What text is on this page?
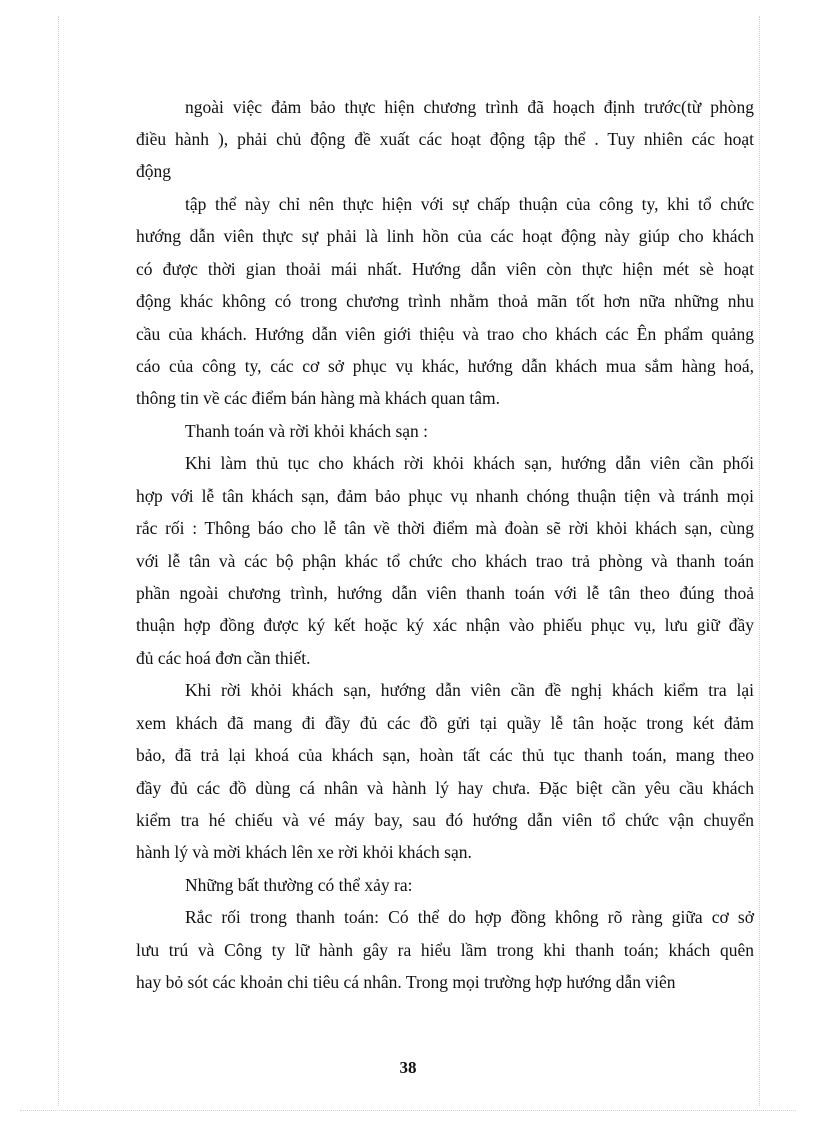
ngoài việc đảm bảo thực hiện chương trình đã hoạch định trước(từ phòng
điều hành ), phải chủ động đề xuất các hoạt động tập thể . Tuy nhiên các hoạt
động
tập thể này chỉ nên thực hiện với sự chấp thuận của công ty, khi tổ chức
hướng dẫn viên thực sự phải là linh hồn của các hoạt động này giúp cho khách
có được thời gian thoải mái nhất. Hướng dẫn viên còn thực hiện mét sè hoạt
động khác không có trong chương trình nhằm thoả mãn tốt hơn nữa những nhu
cầu của khách. Hướng dẫn viên giới thiệu và trao cho khách các Ên phẩm quảng
cáo của công ty, các cơ sở phục vụ khác, hướng dẫn khách mua sắm hàng hoá,
thông tin về các điểm bán hàng mà khách quan tâm.
Thanh toán và rời khỏi khách sạn :
Khi làm thủ tục cho khách rời khỏi khách sạn, hướng dẫn viên cần phối
hợp với lễ tân khách sạn, đảm bảo phục vụ nhanh chóng thuận tiện và tránh mọi
rắc rối : Thông báo cho lễ tân về thời điểm mà đoàn sẽ rời khỏi khách sạn, cùng
với lễ tân và các bộ phận khác tổ chức cho khách trao trả phòng và thanh toán
phần ngoài chương trình, hướng dẫn viên thanh toán với lễ tân theo đúng thoả
thuận hợp đồng được ký kết hoặc ký xác nhận vào phiếu phục vụ, lưu giữ đầy
đủ các hoá đơn cần thiết.
Khi rời khỏi khách sạn, hướng dẫn viên cần đề nghị khách kiểm tra lại
xem khách đã mang đi đầy đủ các đồ gửi tại quầy lễ tân hoặc trong két đảm
bảo, đã trả lại khoá của khách sạn, hoàn tất các thủ tục thanh toán, mang theo
đầy đủ các đồ dùng cá nhân và hành lý hay chưa. Đặc biệt cần yêu cầu khách
kiểm tra hé chiếu và vé máy bay, sau đó hướng dẫn viên tổ chức vận chuyển
hành lý và mời khách lên xe rời khỏi khách sạn.
Những bất thường có thể xảy ra:
Rắc rối trong thanh toán: Có thể do hợp đồng không rõ ràng giữa cơ sở
lưu trú và Công ty lữ hành gây ra hiểu lầm trong khi thanh toán; khách quên
hay bỏ sót các khoản chi tiêu cá nhân. Trong mọi trường hợp hướng dẫn viên
38
